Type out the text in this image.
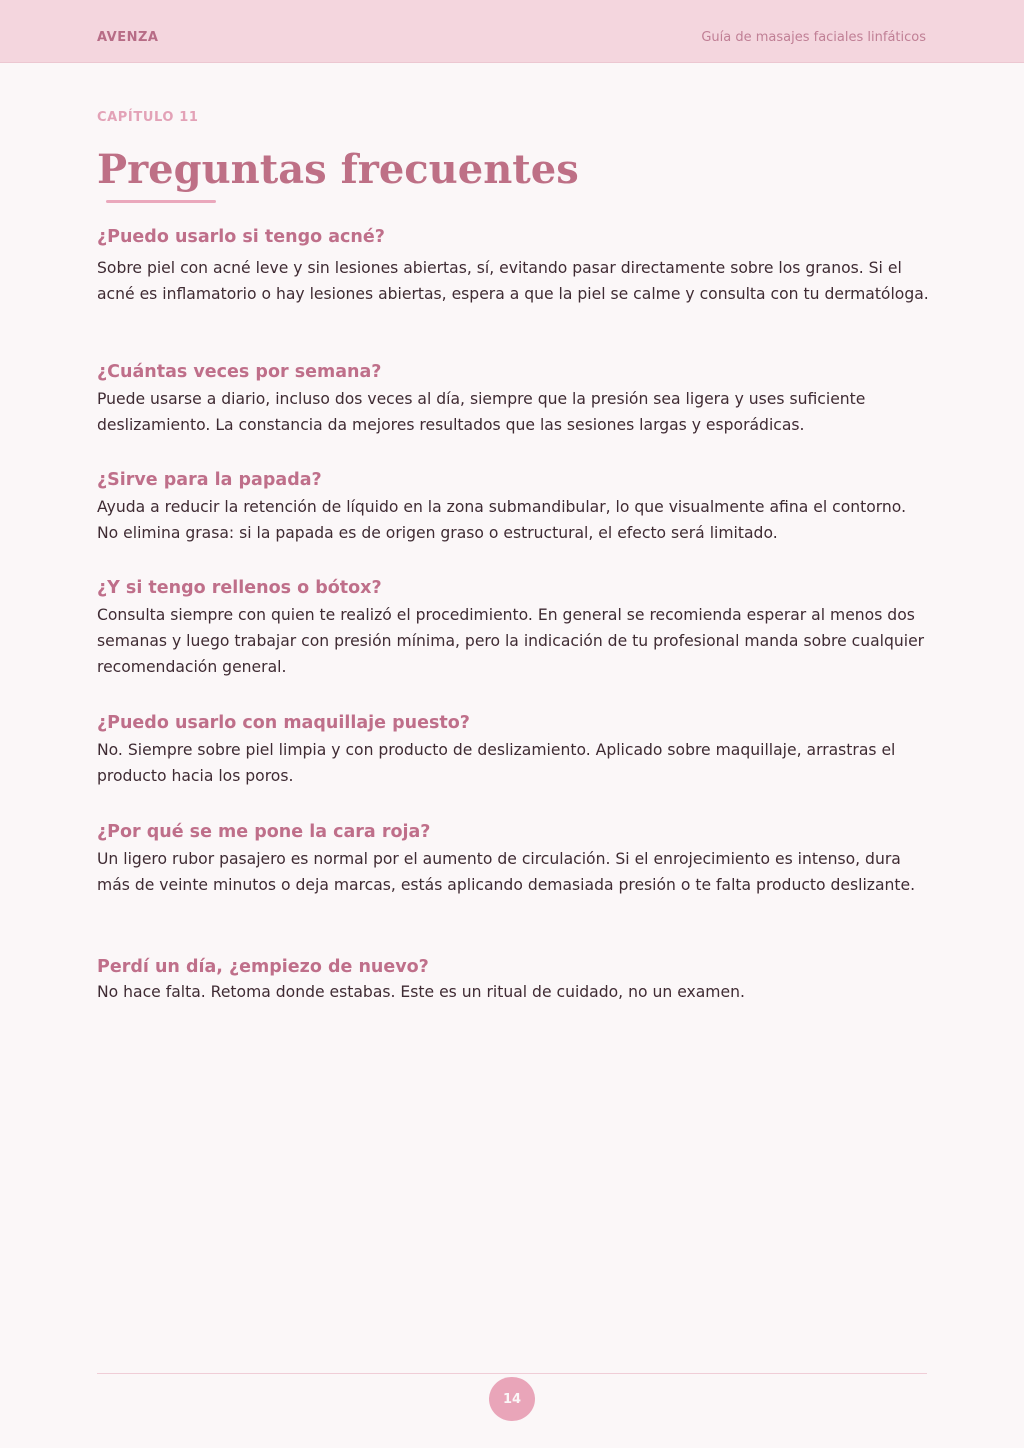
AVENZA	Guía de masajes faciales linfáticos
CAPÍTULO 11
Preguntas frecuentes
¿Puedo usarlo si tengo acné?

Sobre piel con acné leve y sin lesiones abiertas, sí, evitando pasar directamente sobre los granos. Si el acné es inflamatorio o hay lesiones abiertas, espera a que la piel se calme y consulta con tu dermatóloga.

¿Cuántas veces por semana?

Puede usarse a diario, incluso dos veces al día, siempre que la presión sea ligera y uses suficiente deslizamiento. La constancia da mejores resultados que las sesiones largas y esporádicas.

¿Sirve para la papada?

Ayuda a reducir la retención de líquido en la zona submandibular, lo que visualmente afina el contorno. No elimina grasa: si la papada es de origen graso o estructural, el efecto será limitado.

¿Y si tengo rellenos o bótox?

Consulta siempre con quien te realizó el procedimiento. En general se recomienda esperar al menos dos semanas y luego trabajar con presión mínima, pero la indicación de tu profesional manda sobre cualquier recomendación general.

¿Puedo usarlo con maquillaje puesto?

No. Siempre sobre piel limpia y con producto de deslizamiento. Aplicado sobre maquillaje, arrastras el producto hacia los poros.

¿Por qué se me pone la cara roja?

Un ligero rubor pasajero es normal por el aumento de circulación. Si el enrojecimiento es intenso, dura más de veinte minutos o deja marcas, estás aplicando demasiada presión o te falta producto deslizante.

Perdí un día, ¿empiezo de nuevo?

No hace falta. Retoma donde estabas. Este es un ritual de cuidado, no un examen.

14
